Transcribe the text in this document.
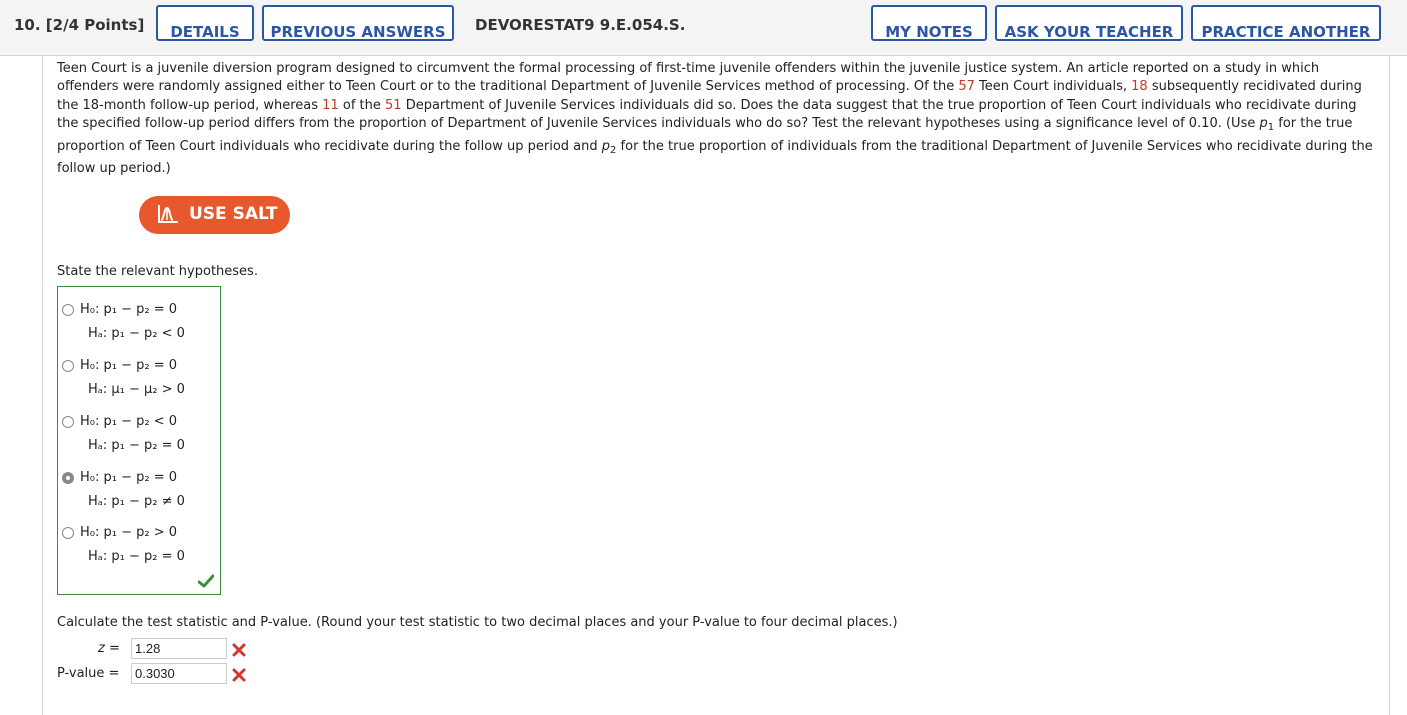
10. [2/4 Points]	DETAILS	PREVIOUS ANSWERS	DEVORESTAT9 9.E.054.S.	MY NOTES	ASK YOUR TEACHER	PRACTICE ANOTHER

Teen Court is a juvenile diversion program designed to circumvent the formal processing of first-time juvenile offenders within the juvenile justice system. An article reported on a study in which offenders were randomly assigned either to Teen Court or to the traditional Department of Juvenile Services method of processing. Of the 57 Teen Court individuals, 18 subsequently recidivated during the 18-month follow-up period, whereas 11 of the 51 Department of Juvenile Services individuals did so. Does the data suggest that the true proportion of Teen Court individuals who recidivate during the specified follow-up period differs from the proportion of Department of Juvenile Services individuals who do so? Test the relevant hypotheses using a significance level of 0.10. (Use $p_1$ for the true proportion of Teen Court individuals who recidivate during the follow up period and $p_2$ for the true proportion of individuals from the traditional Department of Juvenile Services who recidivate during the follow up period.)

USE SALT
State the relevant hypotheses.
H₀: p₁ − p₂ = 0
Hₐ: p₁ − p₂ < 0
H₀: p₁ − p₂ = 0
Hₐ: μ₁ − μ₂ > 0
H₀: p₁ − p₂ < 0
Hₐ: p₁ − p₂ = 0
H₀: p₁ − p₂ = 0
Hₐ: p₁ − p₂ ≠ 0
H₀: p₁ − p₂ > 0
Hₐ: p₁ − p₂ = 0
Calculate the test statistic and P-value. (Round your test statistic to two decimal places and your P-value to four decimal places.)
z =
1.28
P-value =
0.3030
